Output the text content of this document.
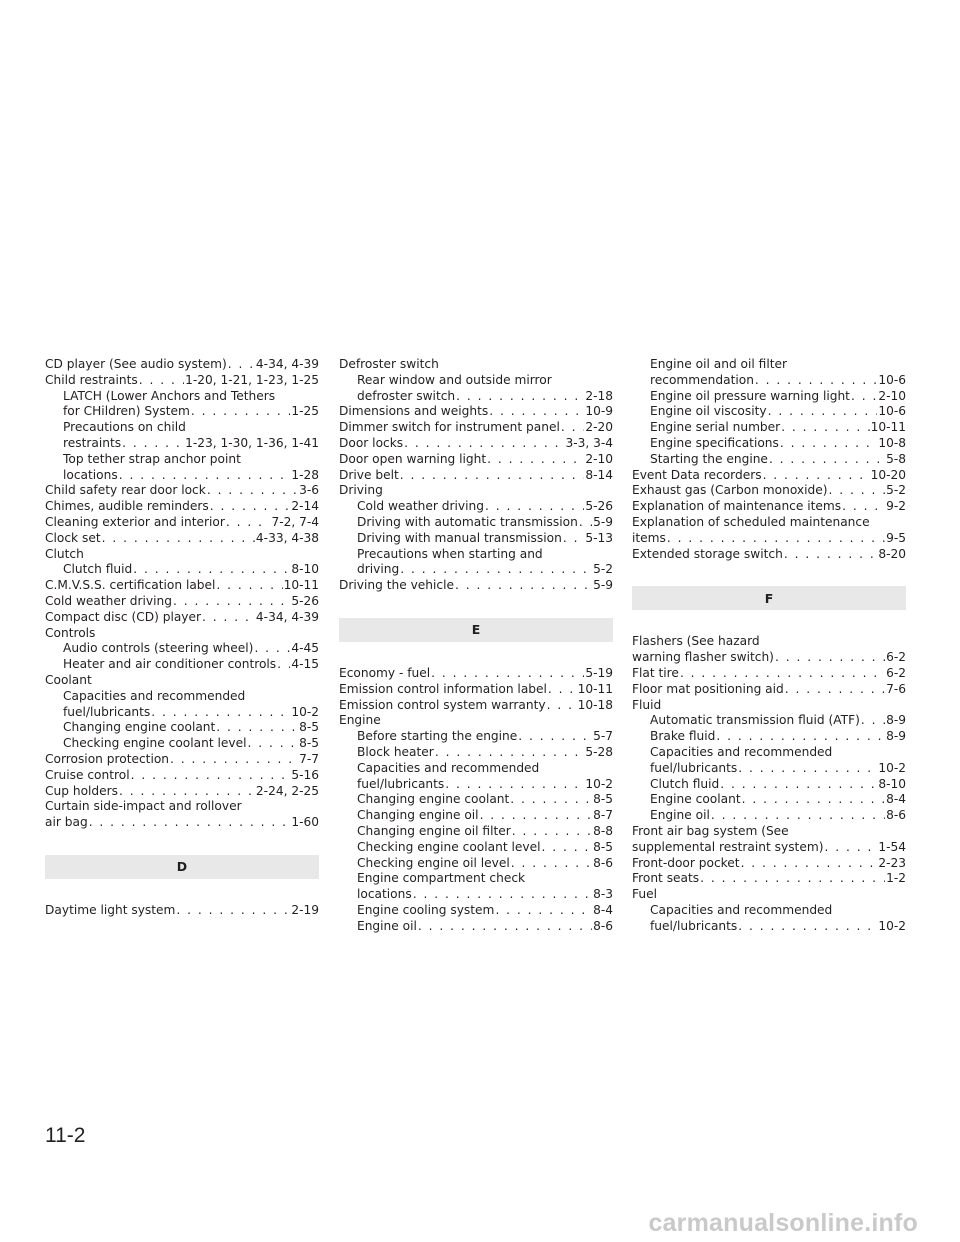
CD player (See audio system) . . . 4-34, 4-39
Child restraints . . .	1-20, 1-21, 1-23, 1-25
LATCH (Lower Anchors and Tethers
for CHildren) System . . .	1-25
Precautions on child
restraints . . .	1-23, 1-30, 1-36, 1-41
Top tether strap anchor point
locations . . .	1-28
Child safety rear door lock . . .	3-6
Chimes, audible reminders . . .	2-14
Cleaning exterior and interior . . .	7-2, 7-4
Clock set . . .	4-33, 4-38
Clutch
Clutch fluid . . .	8-10
C.M.V.S.S. certification label . . .	10-11
Cold weather driving . . .	5-26
Compact disc (CD) player . . .	4-34, 4-39
Controls
Audio controls (steering wheel) . . .	4-45
Heater and air conditioner controls . . . 4-15
Coolant
Capacities and recommended
fuel/lubricants . . .	10-2
Changing engine coolant . . .	8-5
Checking engine coolant level . . .	8-5
Corrosion protection . . .	7-7
Cruise control . . .	5-16
Cup holders . . .	2-24, 2-25
Curtain side-impact and rollover
air bag . . .	1-60
D
Daytime light system . . .	2-19
Defroster switch
Rear window and outside mirror
defroster switch . . .	2-18
Dimensions and weights . . .	10-9
Dimmer switch for instrument panel . . . 2-20
Door locks . . .	3-3, 3-4
Door open warning light . . .	2-10
Drive belt . . .	8-14
Driving
Cold weather driving . . .	5-26
Driving with automatic transmission . . . 5-9
Driving with manual transmission . . . 5-13
Precautions when starting and
driving . . .	5-2
Driving the vehicle . . .	5-9
E
Economy - fuel . . .	5-19
Emission control information label . . .	10-11
Emission control system warranty . . .	10-18
Engine
Before starting the engine . . .	5-7
Block heater . . .	5-28
Capacities and recommended
fuel/lubricants . . .	10-2
Changing engine coolant . . .	8-5
Changing engine oil . . .	8-7
Changing engine oil filter . . .	8-8
Checking engine coolant level . . .	8-5
Checking engine oil level . . .	8-6
Engine compartment check
locations . . .	8-3
Engine cooling system . . .	8-4
Engine oil . . .	8-6
Engine oil and oil filter
recommendation . . .	10-6
Engine oil pressure warning light . . . 2-10
Engine oil viscosity . . .	10-6
Engine serial number . . .	10-11
Engine specifications . . .	10-8
Starting the engine . . .	5-8
Event Data recorders . . .	10-20
Exhaust gas (Carbon monoxide) . . .	5-2
Explanation of maintenance items . . .	9-2
Explanation of scheduled maintenance
items . . .	9-5
Extended storage switch . . .	8-20
F
Flashers (See hazard
warning flasher switch) . . .	6-2
Flat tire . . .	6-2
Floor mat positioning aid . . .	7-6
Fluid
Automatic transmission fluid (ATF) . . . 8-9
Brake fluid . . .	8-9
Capacities and recommended
fuel/lubricants . . .	10-2
Clutch fluid . . .	8-10
Engine coolant . . .	8-4
Engine oil . . .	8-6
Front air bag system (See
supplemental restraint system) . . .	1-54
Front-door pocket . . .	2-23
Front seats . . .	1-2
Fuel
Capacities and recommended
fuel/lubricants . . .	10-2
11-2
carmanualsonline.info
